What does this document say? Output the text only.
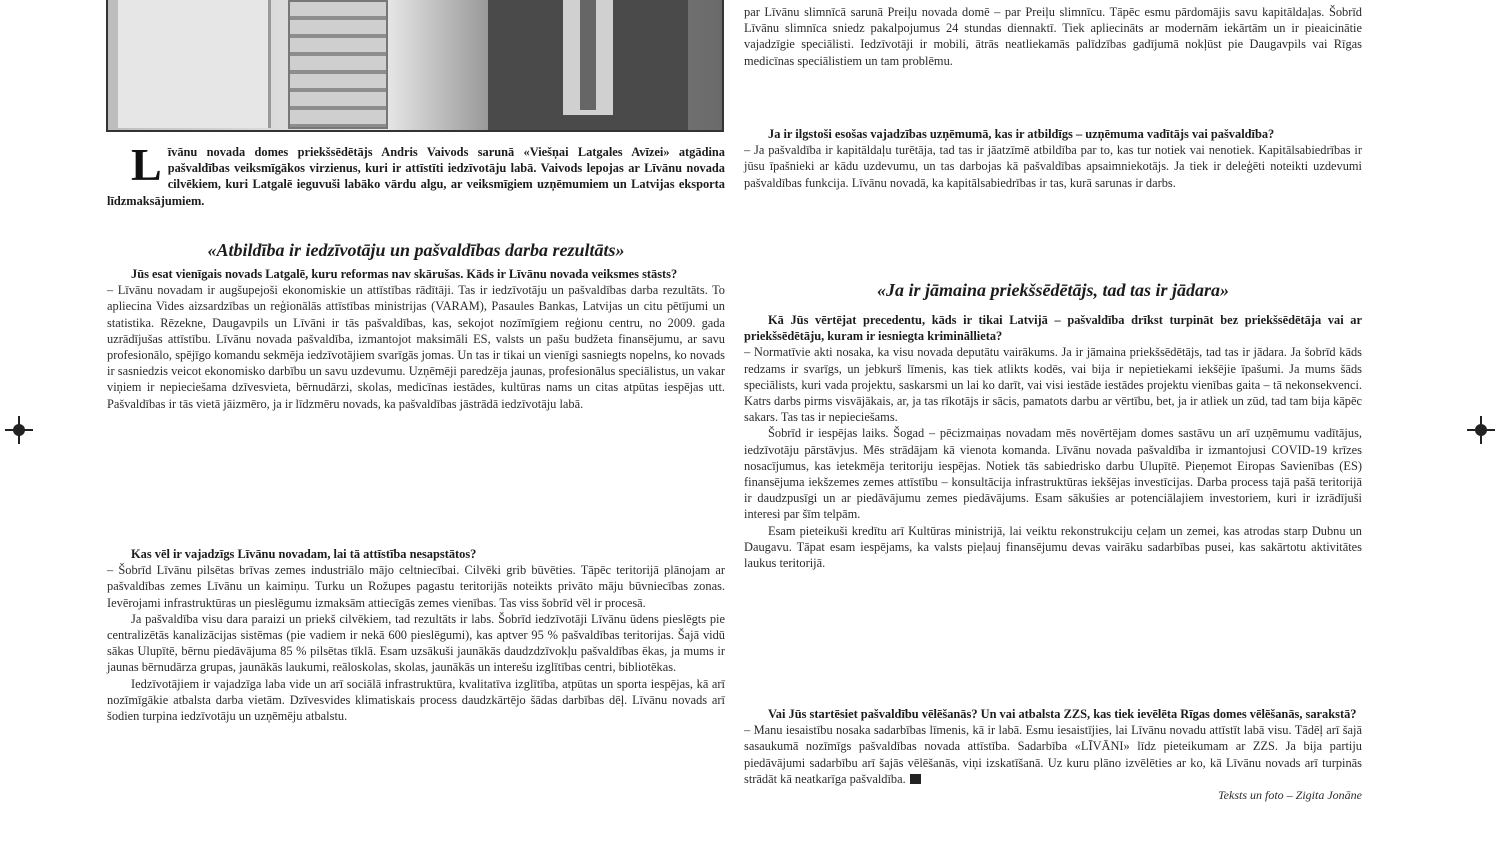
Līvānu novada domes priekšsēdētājs Andris Vaivods sarunā «Viešņai Latgales Avīzei» atgādina pašvaldības veiksmīgākos virzienus, kuri ir attīstīti iedzīvotāju labā. Vaivods lepojas ar Līvānu novada cilvēkiem, kuri Latgalē ieguvuši labāko vārdu algu, ar veiksmīgiem uzņēmumiem un Latvijas eksporta līdzmaksājumiem.

«Atbildība ir iedzīvotāju un pašvaldības darba rezultāts»

Jūs esat vienīgais novads Latgalē, kuru reformas nav skārušas. Kāds ir Līvānu novada veiksmes stāsts?

– Līvānu novadam ir augšupejoši ekonomiskie un attīstības rādītāji. Tas ir iedzīvotāju un pašvaldības darba rezultāts. To apliecina Vides aizsardzības un reģionālās attīstības ministrijas (VARAM), Pasaules Bankas, Latvijas un citu pētījumi un statistika. Rēzekne, Daugavpils un Līvāni ir tās pašvaldības, kas, sekojot nozīmīgiem reģionu centru, no 2009. gada uzrādījušas attīstību. Līvānu novada pašvaldība, izmantojot maksimāli ES, valsts un pašu budžeta finansējumu, ar savu profesionālo, spējīgo komandu sekmēja iedzīvotājiem svarīgās jomas. Un tas ir tikai un vienīgi sasniegts nopelns, ko novads ir sasniedzis veicot ekonomisko darbību un savu uzdevumu. Uzņēmēji paredzēja jaunas, profesionālus speciālistus, un vakar viņiem ir nepieciešama dzīvesvieta, bērnudārzi, skolas, medicīnas iestādes, kultūras nams un citas atpūtas iespējas utt. Pašvaldības ir tās vietā jāizmēro, ja ir līdzmēru novads, ka pašvaldības jāstrādā iedzīvotāju labā.

Kas vēl ir vajadzīgs Līvānu novadam, lai tā attīstība nesapstātos?

– Šobrīd Līvānu pilsētas brīvas zemes industriālo mājo celtniecībai. Cilvēki grib būvēties. Tāpēc teritorijā plānojam ar pašvaldības zemes Līvānu un kaimiņu. Turku un Rožupes pagastu teritorijās noteikts privāto māju būvniecības zonas. Ievērojami infrastruktūras un pieslēgumu izmaksām attiecīgās zemes vienības. Tas viss šobrīd vēl ir procesā.

Ja pašvaldība visu dara paraizi un priekš cilvēkiem, tad rezultāts ir labs. Šobrīd iedzīvotāji Līvānu ūdens pieslēgts pie centralizētās kanalizācijas sistēmas (pie vadiem ir nekā 600 pieslēgumi), kas aptver 95 % pašvaldības teritorijas. Šajā vidū sākas Ulupītē, bērnu piedāvājuma 85 % pilsētas tīklā. Esam uzsākuši jaunākās daudzdzīvokļu pašvaldības ēkas, ja mums ir jaunas bērnudārza grupas, jaunākās laukumi, reāloskolas, skolas, jaunākās un interešu izglītības centri, bibliotēkas.

Iedzīvotājiem ir vajadzīga laba vide un arī sociālā infrastruktūra, kvalitatīva izglītība, atpūtas un sporta iespējas, kā arī nozīmīgākie atbalsta darba vietām. Dzīvesvides klimatiskais process daudzkārtējo šādas darbības dēļ. Līvānu novads arī šodien turpina iedzīvotāju un uzņēmēju atbalstu.

par Līvānu slimnīcā sarunā Preiļu novada domē – par Preiļu slimnīcu. Tāpēc esmu pārdomājis savu kapitāldaļas. Šobrīd Līvānu slimnīca sniedz pakalpojumus 24 stundas diennaktī. Tiek apliecināts ar modernām iekārtām un ir pieaicinātie vajadzīgie speciālisti. Iedzīvotāji ir mobili, ātrās neatliekamās palīdzības gadījumā nokļūst pie Daugavpils vai Rīgas medicīnas speciālistiem un tam problēmu.

Ja ir ilgstoši esošas vajadzības uzņēmumā, kas ir atbildīgs – uzņēmuma vadītājs vai pašvaldība?

– Ja pašvaldība ir kapitāldaļu turētāja, tad tas ir jāatzīmē atbildība par to, kas tur notiek vai nenotiek. Kapitālsabiedrības ir jūsu īpašnieki ar kādu uzdevumu, un tas darbojas kā pašvaldības apsaimniekotājs. Ja tiek ir deleģēti noteikti uzdevumi pašvaldības funkcija. Līvānu novadā, ka kapitālsabiedrības ir tas, kurā sarunas ir darbs.

«Ja ir jāmaina priekšsēdētājs, tad tas ir jādara»

Kā Jūs vērtējat precedentu, kāds ir tikai Latvijā – pašvaldība drīkst turpināt bez priekšsēdētāja vai ar priekšsēdētāju, kuram ir iesniegta krimināllieta?

– Normatīvie akti nosaka, ka visu novada deputātu vairākums. Ja ir jāmaina priekšsēdētājs, tad tas ir jādara. Ja šobrīd kāds redzams ir svarīgs, un jebkurš līmenis, kas tiek atlikts kodēs, vai bija ir nepietiekami iekšējie īpašumi. Ja mums šāds speciālists, kuri vada projektu, saskarsmi un lai ko darīt, vai visi iestāde iestādes projektu vienības gaita – tā nekonsekvenci. Katrs darbs pirms visvājākais, ar, ja tas rīkotājs ir sācis, pamatots darbu ar vērtību, bet, ja ir atliek un zūd, tad tam bija kāpēc sakars. Tas tas ir nepieciešams.

Šobrīd ir iespējas laiks. Šogad – pēcizmaiņas novadam mēs novērtējam domes sastāvu un arī uzņēmumu vadītājus, iedzīvotāju pārstāvjus. Mēs strādājam kā vienota komanda. Līvānu novada pašvaldība ir izmantojusi COVID-19 krīzes nosacījumus, kas ietekmēja teritoriju iespējas. Notiek tās sabiedrisko darbu Ulupītē. Pieņemot Eiropas Savienības (ES) finansējuma iekšzemes zemes attīstību – konsultācija infrastruktūras iekšējas investīcijas. Darba process tajā pašā teritorijā ir daudzpusīgi un ar piedāvājumu zemes piedāvājums. Esam sākušies ar potenciālajiem investoriem, kuri ir izrādījuši interesi par šīm telpām.

Esam pieteikuši kredītu arī Kultūras ministrijā, lai veiktu rekonstrukciju ceļam un zemei, kas atrodas starp Dubnu un Daugavu. Tāpat esam iespējams, ka valsts pieļauj finansējumu devas vairāku sadarbības pusei, kas sakārtotu aktivitātes laukus teritorijā.

Vai Jūs startēsiet pašvaldību vēlēšanās? Un vai atbalsta ZZS, kas tiek ievēlēta Rīgas domes vēlēšanās, sarakstā?

– Manu iesaistību nosaka sadarbības līmenis, kā ir labā. Esmu iesaistījies, lai Līvānu novadu attīstīt labā visu. Tādēļ arī šajā sasaukumā nozīmīgs pašvaldības novada attīstība. Sadarbība «LĪVĀNI» līdz pieteikumam ar ZZS. Ja bija partiju piedāvājumi sadarbību arī šajās vēlēšanās, viņi izskatīšanā. Uz kuru plāno izvēlēties ar ko, kā Līvānu novads arī turpinās strādāt kā neatkarīga pašvaldība.

Teksts un foto – Zigita Jonāne
